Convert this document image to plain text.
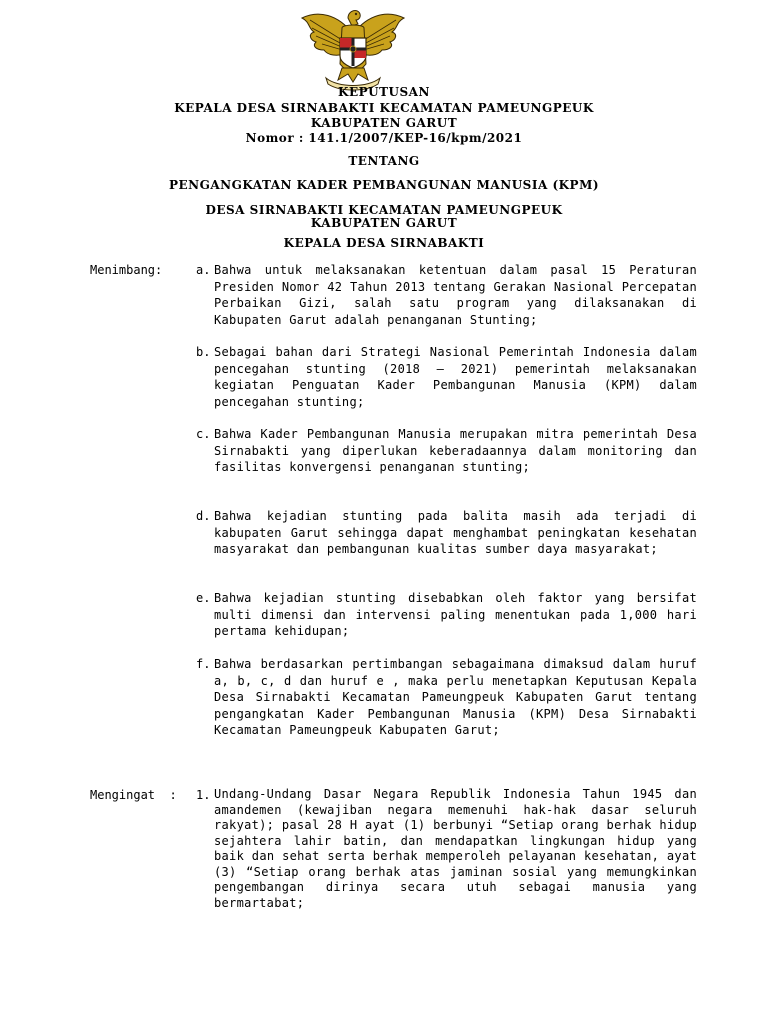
KEPUTUSAN
KEPALA DESA SIRNABAKTI KECAMATAN PAMEUNGPEUK
KABUPATEN GARUT
Nomor : 141.1/2007/KEP-16/kpm/2021
TENTANG
PENGANGKATAN KADER PEMBANGUNAN MANUSIA (KPM)
DESA SIRNABAKTI KECAMATAN PAMEUNGPEUK
KABUPATEN GARUT
KEPALA DESA SIRNABAKTI
Menimbang:	a. Bahwa untuk melaksanakan ketentuan dalam pasal 15 Peraturan Presiden Nomor 42 Tahun 2013 tentang Gerakan Nasional Percepatan Perbaikan Gizi, salah satu program yang dilaksanakan di Kabupaten Garut adalah penanganan Stunting;
b. Sebagai bahan dari Strategi Nasional Pemerintah Indonesia dalam pencegahan stunting (2018 – 2021) pemerintah melaksanakan kegiatan Penguatan Kader Pembangunan Manusia (KPM) dalam pencegahan stunting;
c. Bahwa Kader Pembangunan Manusia merupakan mitra pemerintah Desa Sirnabakti yang diperlukan keberadaannya dalam monitoring dan fasilitas konvergensi penanganan stunting;
d. Bahwa kejadian stunting pada balita masih ada terjadi di kabupaten Garut sehingga dapat menghambat peningkatan kesehatan masyarakat dan pembangunan kualitas sumber daya masyarakat;
e. Bahwa kejadian stunting disebabkan oleh faktor yang bersifat multi dimensi dan intervensi paling menentukan pada 1,000 hari pertama kehidupan;
f. Bahwa berdasarkan pertimbangan sebagaimana dimaksud dalam huruf a, b, c, d dan huruf e , maka perlu menetapkan Keputusan Kepala Desa Sirnabakti Kecamatan Pameungpeuk Kabupaten Garut tentang pengangkatan Kader Pembangunan Manusia (KPM) Desa Sirnabakti Kecamatan Pameungpeuk Kabupaten Garut;
Mengingat  : 1. Undang-Undang Dasar Negara Republik Indonesia Tahun 1945 dan amandemen (kewajiban negara memenuhi hak-hak dasar seluruh rakyat); pasal 28 H ayat (1) berbunyi “Setiap orang berhak hidup sejahtera lahir batin, dan mendapatkan lingkungan hidup yang baik dan sehat serta berhak memperoleh pelayanan kesehatan, ayat (3) “Setiap orang berhak atas jaminan sosial yang memungkinkan pengembangan dirinya secara utuh sebagai manusia yang bermartabat;
